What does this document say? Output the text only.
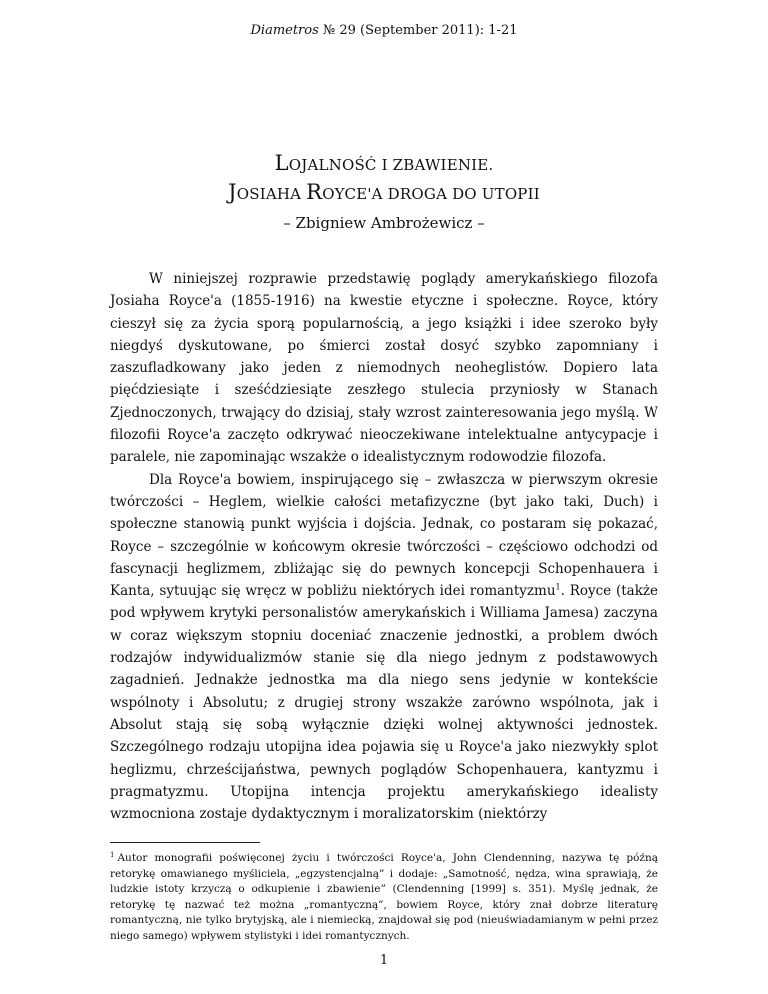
Diametros № 29 (September 2011): 1-21
LOJALNOŚĆ I ZBAWIENIE.
JOSIAHA ROYCE'A DROGA DO UTOPII
– Zbigniew Ambrożewicz –

W niniejszej rozprawie przedstawię poglądy amerykańskiego filozofa Josiaha Royce'a (1855-1916) na kwestie etyczne i społeczne. Royce, który cieszył się za życia sporą popularnością, a jego książki i idee szeroko były niegdyś dyskutowane, po śmierci został dosyć szybko zapomniany i zaszufladkowany jako jeden z niemodnych neoheglistów. Dopiero lata pięćdziesiąte i sześćdziesiąte zeszłego stulecia przyniosły w Stanach Zjednoczonych, trwający do dzisiaj, stały wzrost zainteresowania jego myślą. W filozofii Royce'a zaczęto odkrywać nieoczekiwane intelektualne antycypacje i paralele, nie zapominając wszakże o idealistycznym rodowodzie filozofa.

Dla Royce'a bowiem, inspirującego się – zwłaszcza w pierwszym okresie twórczości – Heglem, wielkie całości metafizyczne (byt jako taki, Duch) i społeczne stanowią punkt wyjścia i dojścia. Jednak, co postaram się pokazać, Royce – szczególnie w końcowym okresie twórczości – częściowo odchodzi od fascynacji heglizmem, zbliżając się do pewnych koncepcji Schopenhauera i Kanta, sytuując się wręcz w pobliżu niektórych idei romantyzmu$^1$. Royce (także pod wpływem krytyki personalistów amerykańskich i Williama Jamesa) zaczyna w coraz większym stopniu doceniać znaczenie jednostki, a problem dwóch rodzajów indywidualizmów stanie się dla niego jednym z podstawowych zagadnień. Jednakże jednostka ma dla niego sens jedynie w kontekście wspólnoty i Absolutu; z drugiej strony wszakże zarówno wspólnota, jak i Absolut stają się sobą wyłącznie dzięki wolnej aktywności jednostek. Szczególnego rodzaju utopijna idea pojawia się u Royce'a jako niezwykły splot heglizmu, chrześcijaństwa, pewnych poglądów Schopenhauera, kantyzmu i pragmatyzmu. Utopijna intencja projektu amerykańskiego idealisty wzmocniona zostaje dydaktycznym i moralizatorskim (niektórzy

$^1$ Autor monografii poświęconej życiu i twórczości Royce'a, John Clendenning, nazywa tę późną retorykę omawianego myśliciela, „egzystencjalną” i dodaje: „Samotność, nędza, wina sprawiają, że ludzkie istoty krzyczą o odkupienie i zbawienie” (Clendenning [1999] s. 351). Myślę jednak, że retorykę tę nazwać też można „romantyczną”, bowiem Royce, który znał dobrze literaturę romantyczną, nie tylko brytyjską, ale i niemiecką, znajdował się pod (nieuświadamianym w pełni przez niego samego) wpływem stylistyki i idei romantycznych.
1
